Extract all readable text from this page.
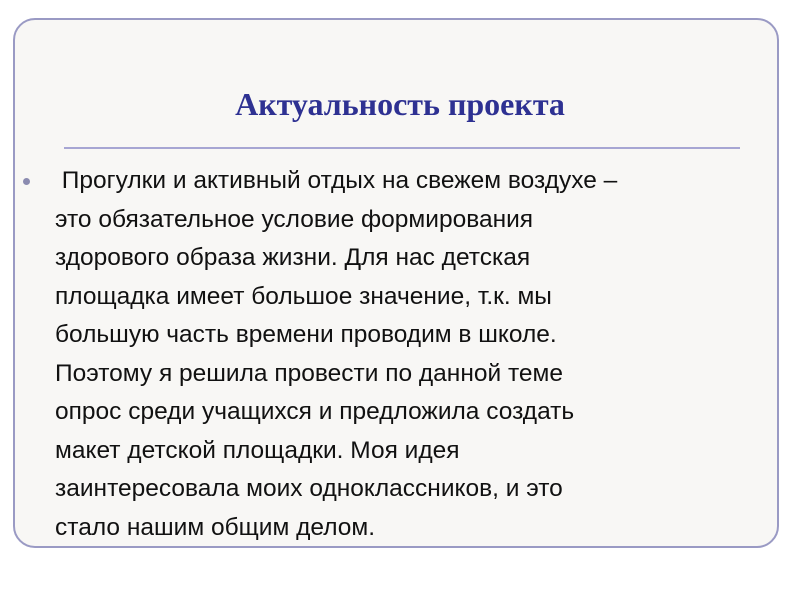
Актуальность проекта
Прогулки и активный отдых на свежем воздухе –
это обязательное условие формирования
здорового образа жизни. Для нас детская
площадка имеет большое значение, т.к. мы
большую часть времени проводим в школе.
Поэтому я решила провести по данной теме
опрос среди учащихся и предложила создать
макет детской площадки. Моя идея
заинтересовала моих одноклассников, и это
стало нашим общим делом.
